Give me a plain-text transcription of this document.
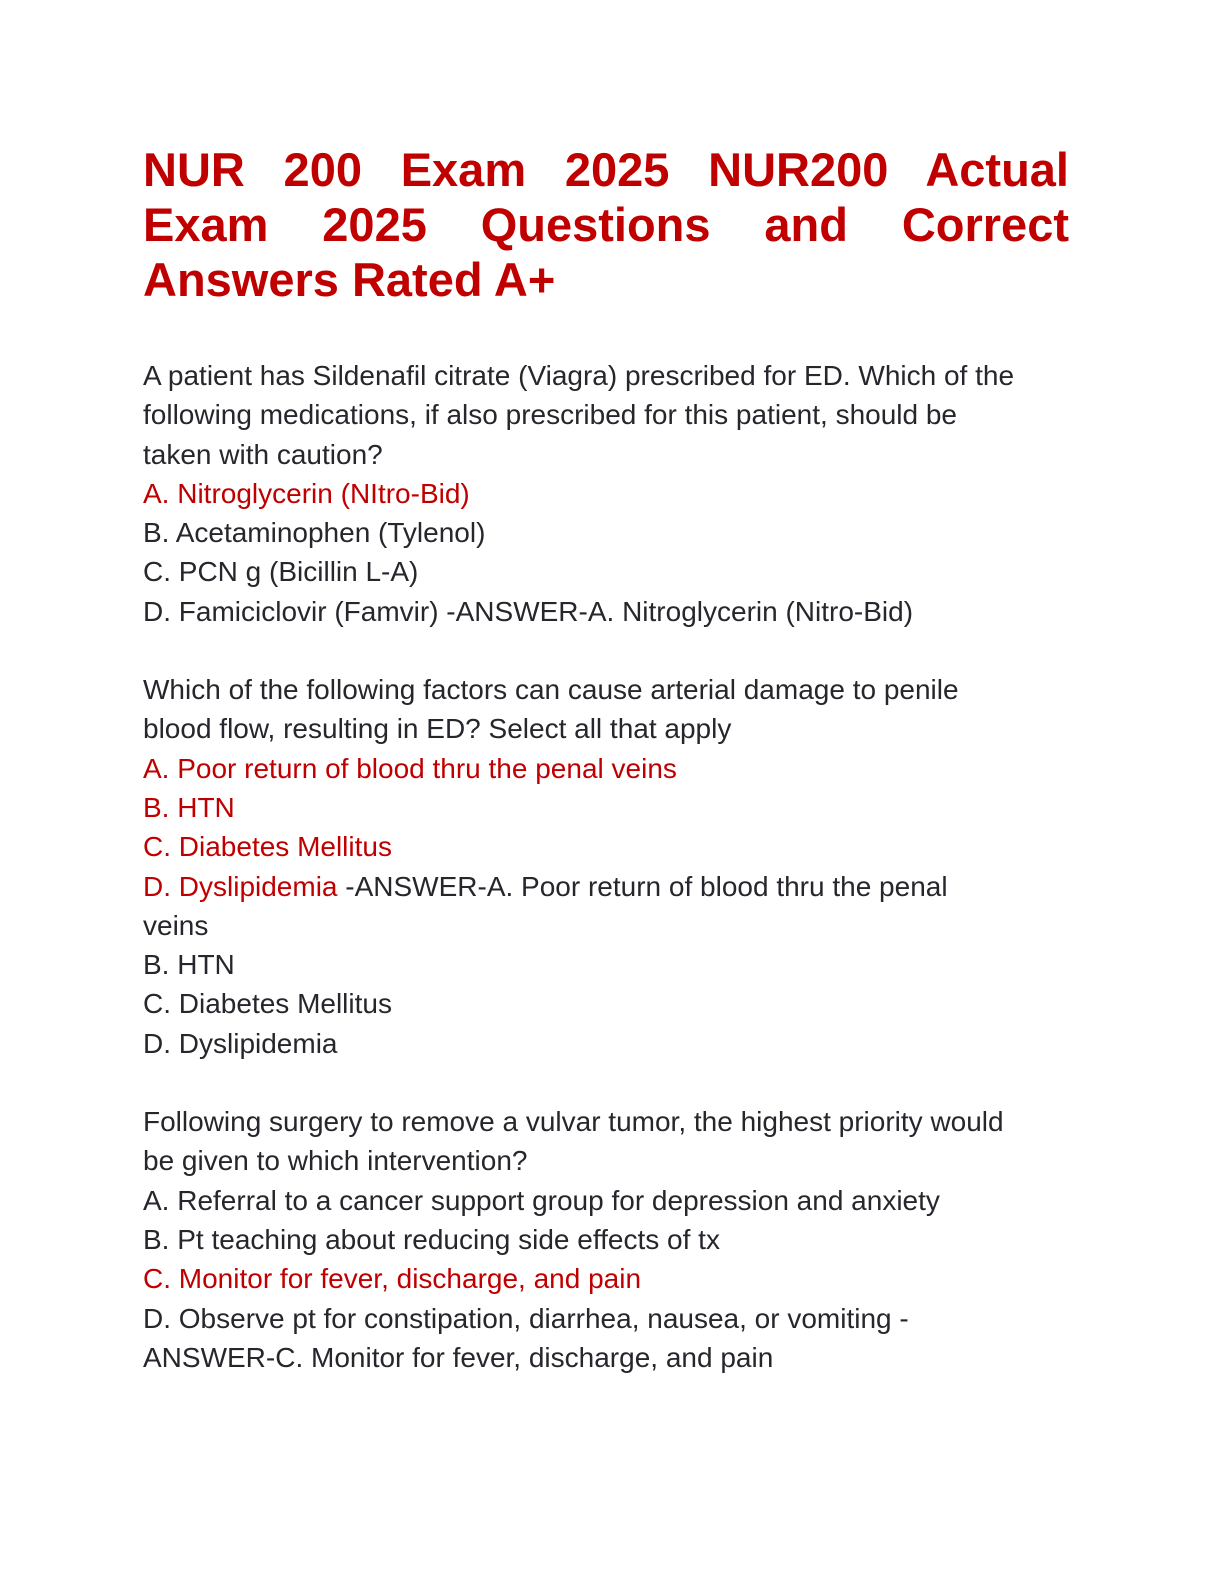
NUR 200 Exam 2025 NUR200 Actual
Exam 2025 Questions and Correct
Answers Rated A+
A patient has Sildenafil citrate (Viagra) prescribed for ED. Which of the
following medications, if also prescribed for this patient, should be
taken with caution?
A. Nitroglycerin (NItro-Bid)
B. Acetaminophen (Tylenol)
C. PCN g (Bicillin L-A)
D. Famiciclovir (Famvir) -ANSWER-A. Nitroglycerin (Nitro-Bid)
Which of the following factors can cause arterial damage to penile
blood flow, resulting in ED? Select all that apply
A. Poor return of blood thru the penal veins
B. HTN
C. Diabetes Mellitus
D. Dyslipidemia -ANSWER-A. Poor return of blood thru the penal
veins
B. HTN
C. Diabetes Mellitus
D. Dyslipidemia
Following surgery to remove a vulvar tumor, the highest priority would
be given to which intervention?
A. Referral to a cancer support group for depression and anxiety
B. Pt teaching about reducing side effects of tx
C. Monitor for fever, discharge, and pain
D. Observe pt for constipation, diarrhea, nausea, or vomiting -
ANSWER-C. Monitor for fever, discharge, and pain
